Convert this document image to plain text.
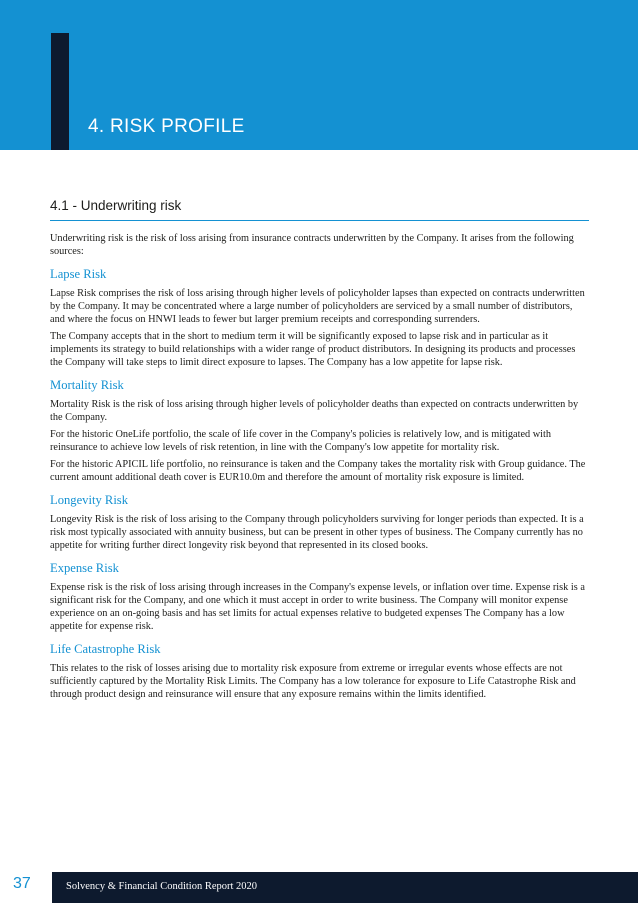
4. RISK PROFILE
4.1 - Underwriting risk

Underwriting risk is the risk of loss arising from insurance contracts underwritten by the Company. It arises from the following sources:

Lapse Risk

Lapse Risk comprises the risk of loss arising through higher levels of policyholder lapses than expected on contracts underwritten by the Company. It may be concentrated where a large number of policyholders are serviced by a small number of distributors, and where the focus on HNWI leads to fewer but larger premium receipts and corresponding surrenders.

The Company accepts that in the short to medium term it will be significantly exposed to lapse risk and in particular as it implements its strategy to build relationships with a wider range of product distributors. In designing its products and processes the Company will take steps to limit direct exposure to lapses. The Company has a low appetite for lapse risk.

Mortality Risk

Mortality Risk is the risk of loss arising through higher levels of policyholder deaths than expected on contracts underwritten by the Company.

For the historic OneLife portfolio, the scale of life cover in the Company's policies is relatively low, and is mitigated with reinsurance to achieve low levels of risk retention, in line with the Company's low appetite for mortality risk.

For the historic APICIL life portfolio, no reinsurance is taken and the Company takes the mortality risk with Group guidance. The current amount additional death cover is EUR10.0m and therefore the amount of mortality risk exposure is limited.

Longevity Risk

Longevity Risk is the risk of loss arising to the Company through policyholders surviving for longer periods than expected. It is a risk most typically associated with annuity business, but can be present in other types of business. The Company currently has no appetite for writing further direct longevity risk beyond that represented in its closed books.

Expense Risk

Expense risk is the risk of loss arising through increases in the Company's expense levels, or inflation over time. Expense risk is a significant risk for the Company, and one which it must accept in order to write business. The Company will monitor expense experience on an on-going basis and has set limits for actual expenses relative to budgeted expenses The Company has a low appetite for expense risk.

Life Catastrophe Risk

This relates to the risk of losses arising due to mortality risk exposure from extreme or irregular events whose effects are not sufficiently captured by the Mortality Risk Limits. The Company has a low tolerance for exposure to Life Catastrophe Risk and through product design and reinsurance will ensure that any exposure remains within the limits identified.

37	Solvency & Financial Condition Report 2020
